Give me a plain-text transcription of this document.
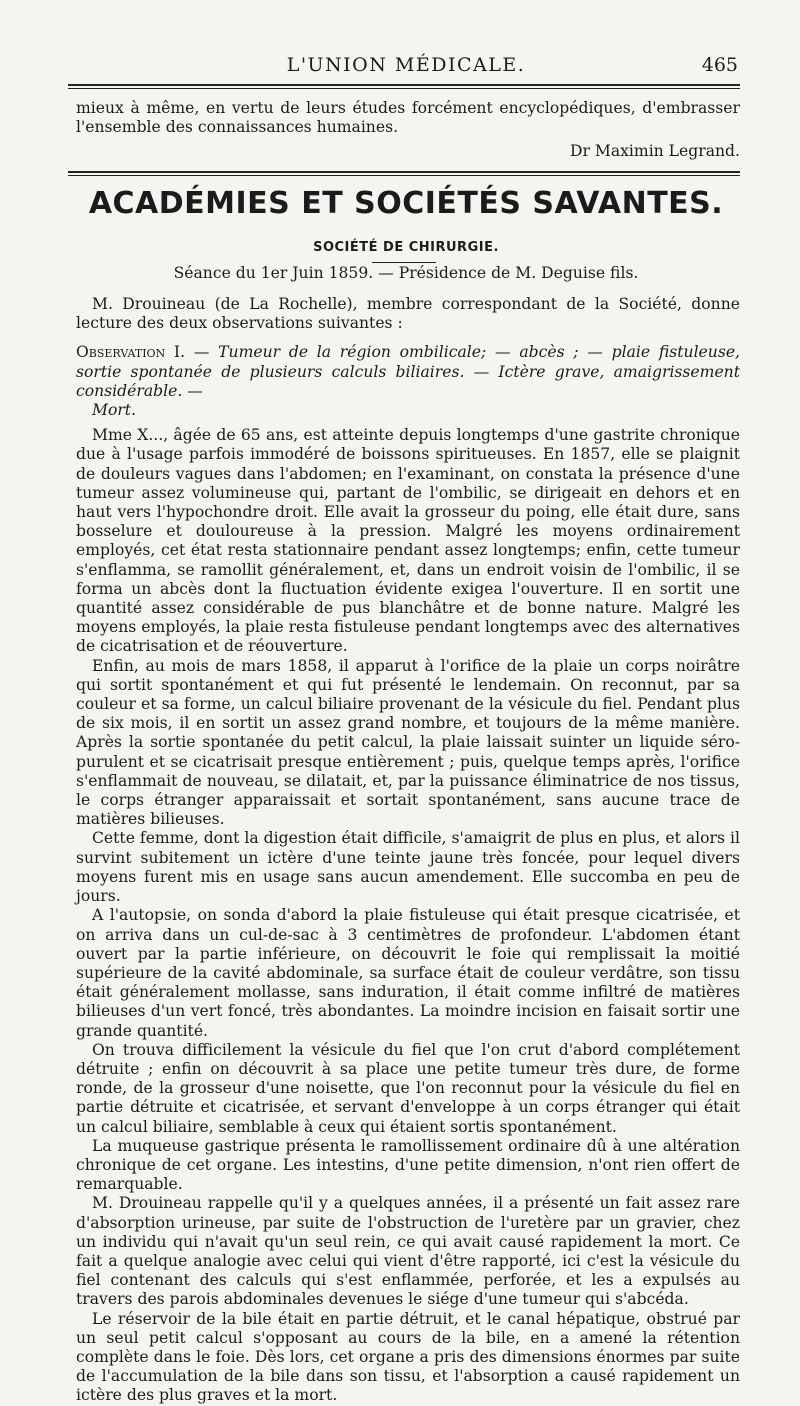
L'UNION MÉDICALE.	465

mieux à même, en vertu de leurs études forcément encyclopédiques, d'embrasser l'ensemble des connaissances humaines.

Dr Maximin Legrand.

ACADÉMIES ET SOCIÉTÉS SAVANTES.
SOCIÉTÉ DE CHIRURGIE.
Séance du 1er Juin 1859. — Présidence de M. Deguise fils.

M. Drouineau (de La Rochelle), membre correspondant de la Société, donne lecture des deux observations suivantes :

Observation I. — Tumeur de la région ombilicale; — abcès ; — plaie fistuleuse, sortie spontanée de plusieurs calculs biliaires. — Ictère grave, amaigrissement considérable. —
Mort.

Mme X..., âgée de 65 ans, est atteinte depuis longtemps d'une gastrite chronique due à l'usage parfois immodéré de boissons spiritueuses. En 1857, elle se plaignit de douleurs vagues dans l'abdomen; en l'examinant, on constata la présence d'une tumeur assez volumineuse qui, partant de l'ombilic, se dirigeait en dehors et en haut vers l'hypochondre droit. Elle avait la grosseur du poing, elle était dure, sans bosselure et douloureuse à la pression. Malgré les moyens ordinairement employés, cet état resta stationnaire pendant assez longtemps; enfin, cette tumeur s'enflamma, se ramollit généralement, et, dans un endroit voisin de l'ombilic, il se forma un abcès dont la fluctuation évidente exigea l'ouverture. Il en sortit une quantité assez considérable de pus blanchâtre et de bonne nature. Malgré les moyens employés, la plaie resta fistuleuse pendant longtemps avec des alternatives de cicatrisation et de réouverture.

Enfin, au mois de mars 1858, il apparut à l'orifice de la plaie un corps noirâtre qui sortit spontanément et qui fut présenté le lendemain. On reconnut, par sa couleur et sa forme, un calcul biliaire provenant de la vésicule du fiel. Pendant plus de six mois, il en sortit un assez grand nombre, et toujours de la même manière. Après la sortie spontanée du petit calcul, la plaie laissait suinter un liquide séro-purulent et se cicatrisait presque entièrement ; puis, quelque temps après, l'orifice s'enflammait de nouveau, se dilatait, et, par la puissance éliminatrice de nos tissus, le corps étranger apparaissait et sortait spontanément, sans aucune trace de matières bilieuses.

Cette femme, dont la digestion était difficile, s'amaigrit de plus en plus, et alors il survint subitement un ictère d'une teinte jaune très foncée, pour lequel divers moyens furent mis en usage sans aucun amendement. Elle succomba en peu de jours.

A l'autopsie, on sonda d'abord la plaie fistuleuse qui était presque cicatrisée, et on arriva dans un cul-de-sac à 3 centimètres de profondeur. L'abdomen étant ouvert par la partie inférieure, on découvrit le foie qui remplissait la moitié supérieure de la cavité abdominale, sa surface était de couleur verdâtre, son tissu était généralement mollasse, sans induration, il était comme infiltré de matières bilieuses d'un vert foncé, très abondantes. La moindre incision en faisait sortir une grande quantité.

On trouva difficilement la vésicule du fiel que l'on crut d'abord complétement détruite ; enfin on découvrit à sa place une petite tumeur très dure, de forme ronde, de la grosseur d'une noisette, que l'on reconnut pour la vésicule du fiel en partie détruite et cicatrisée, et servant d'enveloppe à un corps étranger qui était un calcul biliaire, semblable à ceux qui étaient sortis spontanément.

La muqueuse gastrique présenta le ramollissement ordinaire dû à une altération chronique de cet organe. Les intestins, d'une petite dimension, n'ont rien offert de remarquable.

M. Drouineau rappelle qu'il y a quelques années, il a présenté un fait assez rare d'absorption urineuse, par suite de l'obstruction de l'uretère par un gravier, chez un individu qui n'avait qu'un seul rein, ce qui avait causé rapidement la mort. Ce fait a quelque analogie avec celui qui vient d'être rapporté, ici c'est la vésicule du fiel contenant des calculs qui s'est enflammée, perforée, et les a expulsés au travers des parois abdominales devenues le siége d'une tumeur qui s'abcéda.

Le réservoir de la bile était en partie détruit, et le canal hépatique, obstrué par un seul petit calcul s'opposant au cours de la bile, en a amené la rétention complète dans le foie. Dès lors, cet organe a pris des dimensions énormes par suite de l'accumulation de la bile dans son tissu, et l'absorption a causé rapidement un ictère des plus graves et la mort.
